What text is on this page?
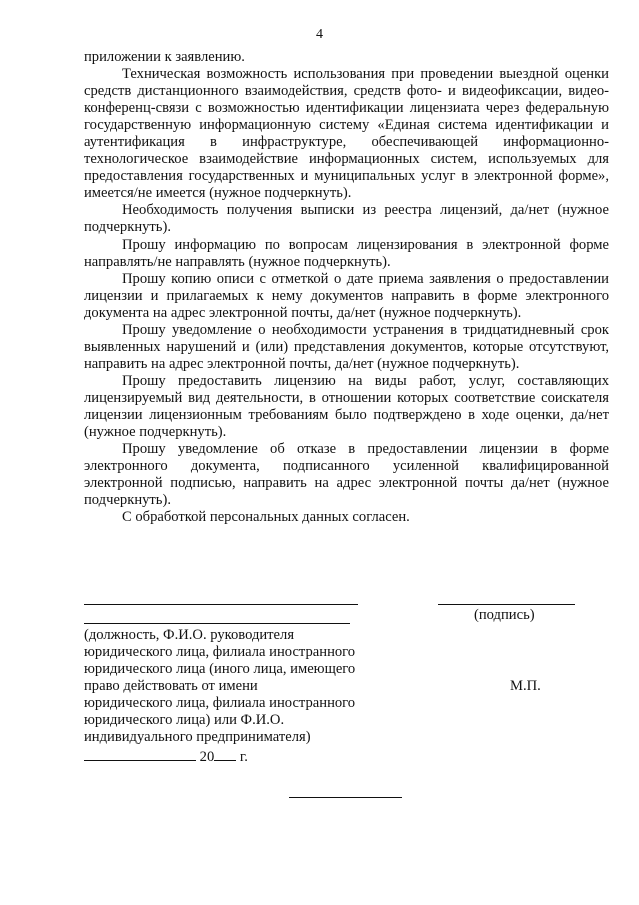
4

приложении к заявлению.

Техническая возможность использования при проведении выездной оценки средств дистанционного взаимодействия, средств фото- и видеофиксации, видео-конференц-связи с возможностью идентификации лицензиата через федеральную государственную информационную систему «Единая система идентификации и аутентификация в инфраструктуре, обеспечивающей информационно-технологическое взаимодействие информационных систем, используемых для предоставления государственных и муниципальных услуг в электронной форме», имеется/не имеется (нужное подчеркнуть).

Необходимость получения выписки из реестра лицензий, да/нет (нужное подчеркнуть).

Прошу информацию по вопросам лицензирования в электронной форме направлять/не направлять (нужное подчеркнуть).

Прошу копию описи с отметкой о дате приема заявления о предоставлении лицензии и прилагаемых к нему документов направить в форме электронного документа на адрес электронной почты, да/нет (нужное подчеркнуть).

Прошу уведомление о необходимости устранения в тридцатидневный срок выявленных нарушений и (или) представления документов, которые отсутствуют, направить на адрес электронной почты, да/нет (нужное подчеркнуть).

Прошу предоставить лицензию на виды работ, услуг, составляющих лицензируемый вид деятельности, в отношении которых соответствие соискателя лицензии лицензионным требованиям было подтверждено в ходе оценки, да/нет (нужное подчеркнуть).

Прошу уведомление об отказе в предоставлении лицензии в форме электронного документа, подписанного усиленной квалифицированной электронной подписью, направить на адрес электронной почты да/нет (нужное подчеркнуть).

С обработкой персональных данных согласен.

(подпись)
(должность, Ф.И.О. руководителя
юридического лица, филиала иностранного
юридического лица (иного лица, имеющего
право действовать от имени
юридического лица, филиала иностранного
юридического лица) или Ф.И.О.
индивидуального предпринимателя)
М.П.
20 г.
